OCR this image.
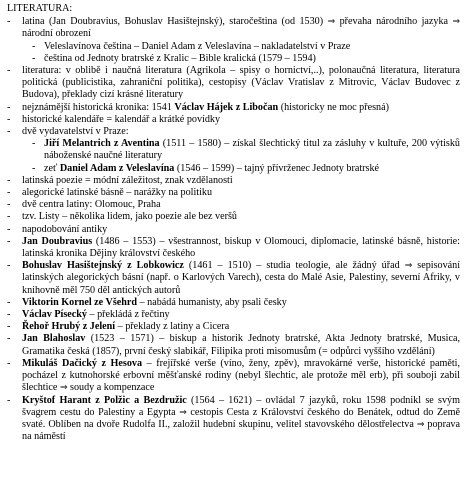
LITERATURA:
- latina (Jan Doubravius, Bohuslav Hasištejnský), staročeština (od 1530) ⇒ převaha národního jazyka ⇒ národní obrození
- Veleslavínova čeština – Daniel Adam z Veleslavína – nakladatelství v Praze
- čeština od Jednoty bratrské z Kralic – Bible kralická (1579 – 1594)
- literatura: v oblibě i naučná literatura (Agrikola – spisy o hornictví,..), polonaučná literatura, literatura politická (publicistika, zahraniční politika), cestopisy (Václav Vratislav z Mitrovic, Václav Budovec z Budova), překlady cizí krásné literatury
- nejznámější historická kronika: 1541 Václav Hájek z Libočan (historicky ne moc přesná)
- historické kalendáře = kalendář a krátké povídky
- dvě vydavatelství v Praze:
- Jiří Melantrich z Aventina (1511 – 1580) – získal šlechtický titul za zásluhy v kultuře, 200 výtisků náboženské naučné literatury
- zeť Daniel Adam z Veleslavína (1546 – 1599) – tajný přívrženec Jednoty bratrské
- latinská poezie = módní záležitost, znak vzdělanosti
- alegorické latinské básně – narážky na politiku
- dvě centra latiny: Olomouc, Praha
- tzv. Listy – několika lidem, jako poezie ale bez veršů
- napodobování antiky
- Jan Doubravius (1486 – 1553) – všestrannost, biskup v Olomouci, diplomacie, latinské básně, historie: latinská kronika Dějiny království českého
- Bohuslav Hasištejnský z Lobkowicz (1461 – 1510) – studia teologie, ale žádný úřad ⇒ sepisování latinských alegorických básní (např. o Karlových Varech), cesta do Malé Asie, Palestiny, severní Afriky, v knihovně měl 750 děl antických autorů
- Viktorin Kornel ze Všehrd – nabádá humanisty, aby psali česky
- Václav Písecký – překládá z řečtiny
- Řehoř Hrubý z Jelení – překlady z latiny a Cicera
- Jan Blahoslav (1523 – 1571) – biskup a historik Jednoty bratrské, Akta Jednoty bratrské, Musica, Gramatika česká (1857), první český slabikář, Filipika proti misomusům (= odpůrci vyššího vzdělání)
- Mikuláš Dačický z Hesova – frejířské verše (víno, ženy, zpěv), mravokárné verše, historické paměti, pocházel z kutnohorské erbovní měšťanské rodiny (nebyl šlechtic, ale protože měl erb), při souboji zabil šlechtice ⇒ soudy a kompenzace
- Kryštof Harant z Polžic a Bezdružic (1564 – 1621) – ovládal 7 jazyků, roku 1598 podnikl se svým švagrem cestu do Palestiny a Egypta ⇒ cestopis Cesta z Království českého do Benátek, odtud do Země svaté. Oblíben na dvoře Rudolfa II., založil hudební skupinu, velitel stavovského dělostřelectva ⇒ poprava na náměstí
